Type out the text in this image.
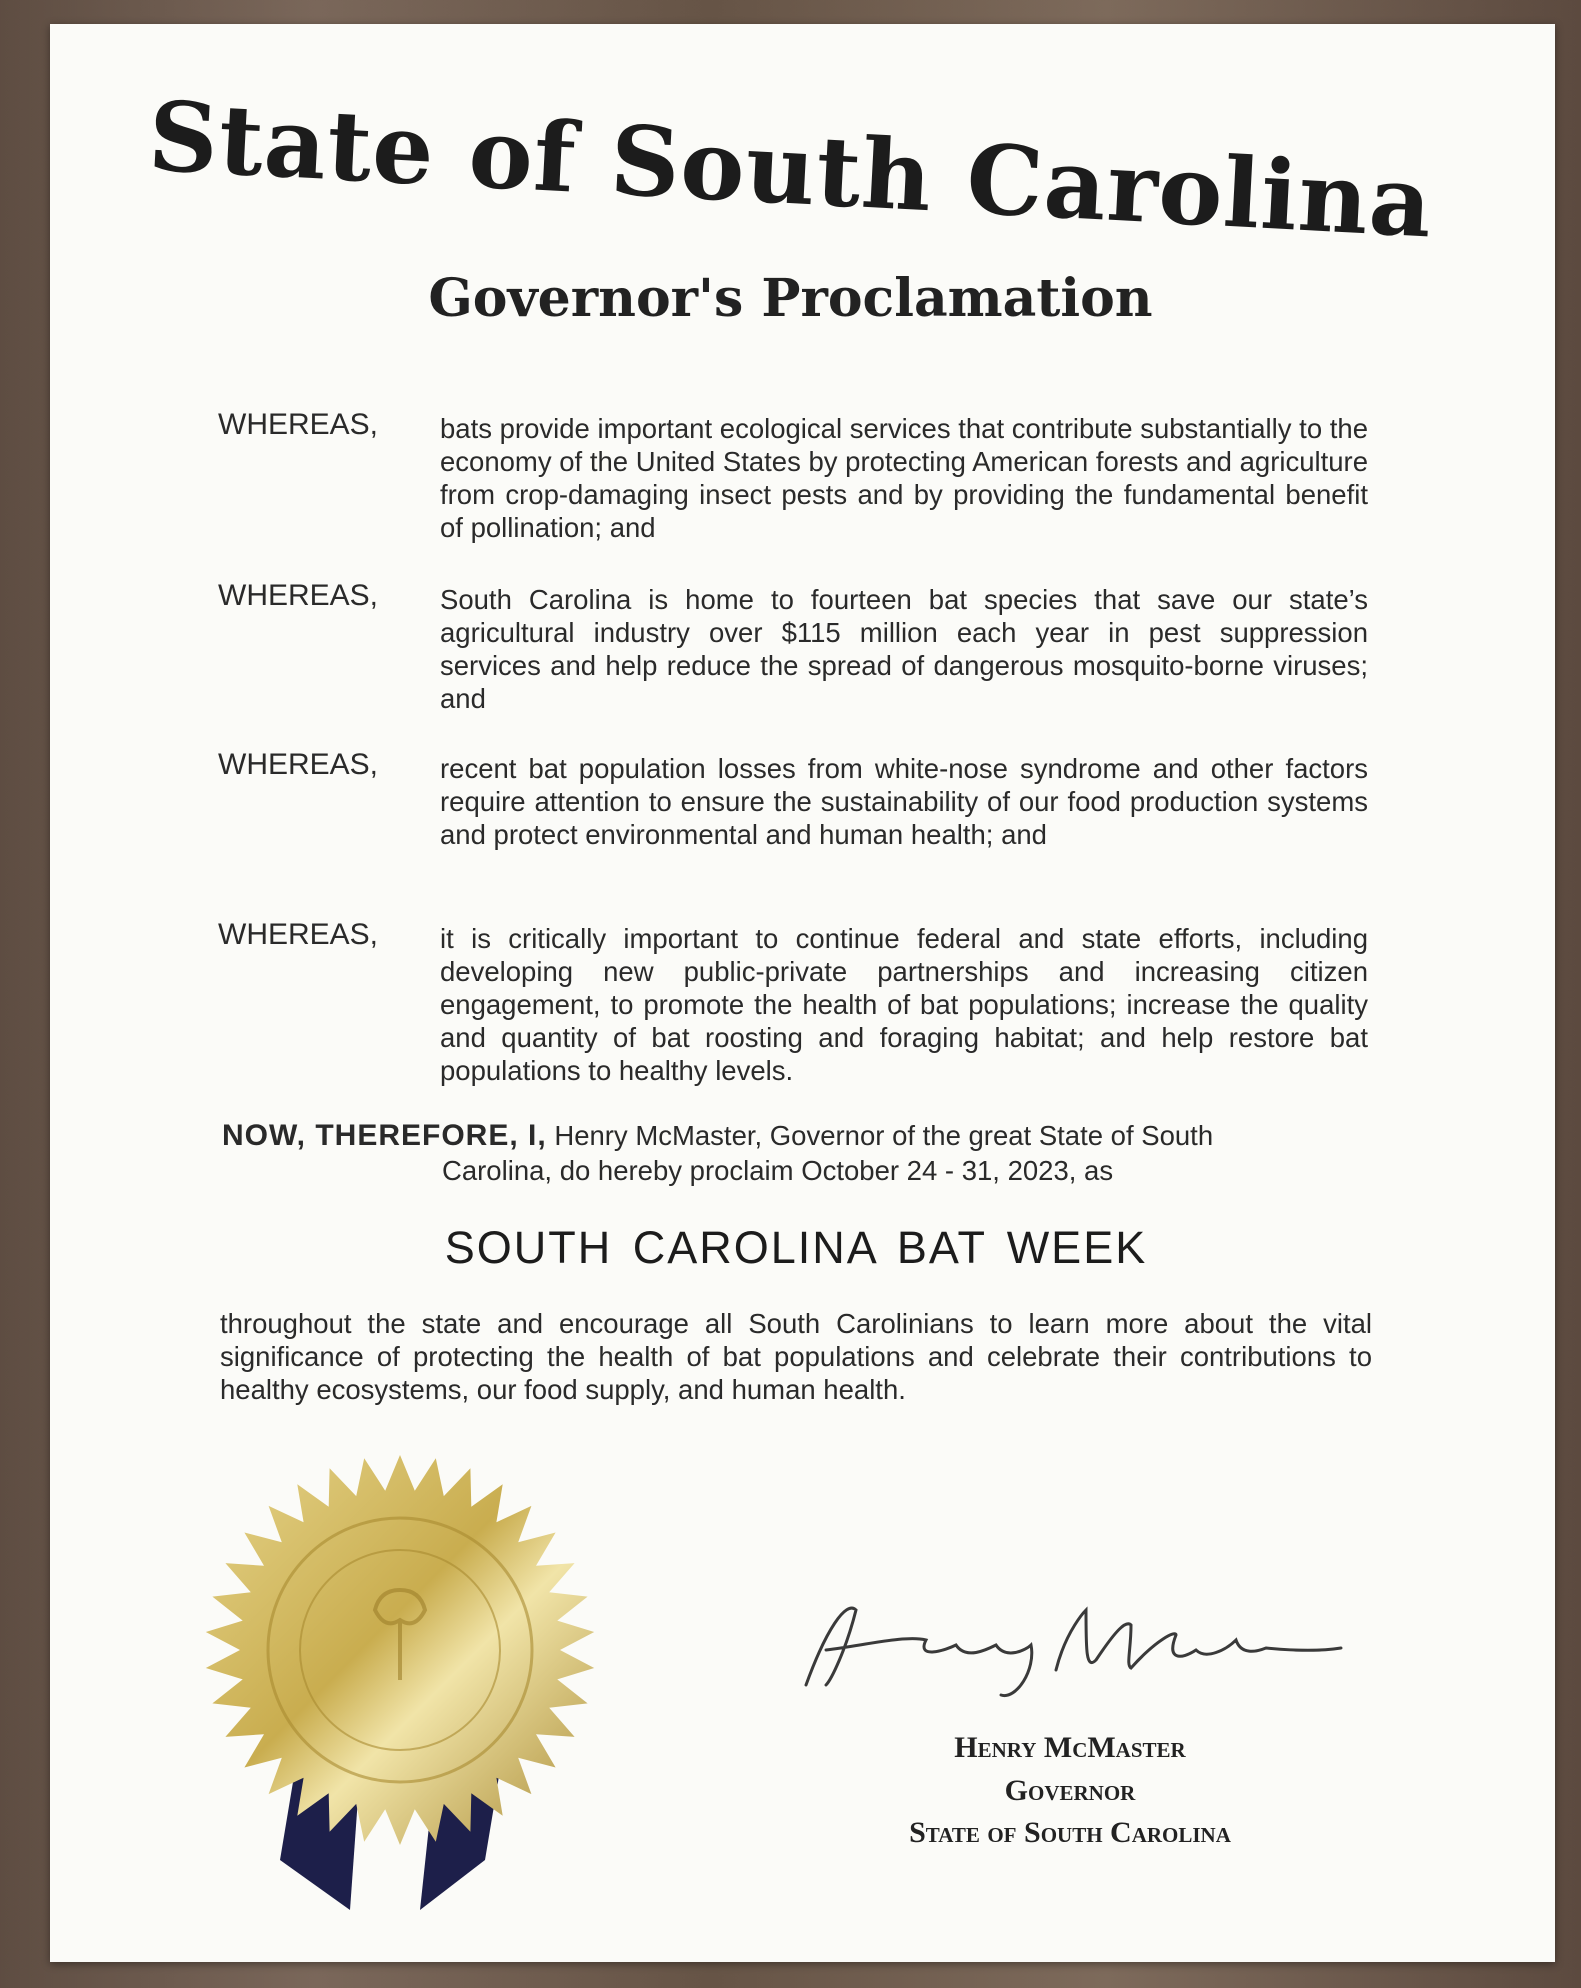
State of South Carolina
Governor's Proclamation
WHEREAS, bats provide important ecological services that contribute substantially to the economy of the United States by protecting American forests and agriculture from crop-damaging insect pests and by providing the fundamental benefit of pollination; and
WHEREAS, South Carolina is home to fourteen bat species that save our state’s agricultural industry over $115 million each year in pest suppression services and help reduce the spread of dangerous mosquito-borne viruses; and
WHEREAS, recent bat population losses from white-nose syndrome and other factors require attention to ensure the sustainability of our food production systems and protect environmental and human health; and
WHEREAS, it is critically important to continue federal and state efforts, including developing new public-private partnerships and increasing citizen engagement, to promote the health of bat populations; increase the quality and quantity of bat roosting and foraging habitat; and help restore bat populations to healthy levels.
NOW, THEREFORE, I, Henry McMaster, Governor of the great State of South
Carolina, do hereby proclaim October 24 - 31, 2023, as
SOUTH CAROLINA BAT WEEK
throughout the state and encourage all South Carolinians to learn more about the vital significance of protecting the health of bat populations and celebrate their contributions to healthy ecosystems, our food supply, and human health.
Henry McMaster
Governor
State of South Carolina
